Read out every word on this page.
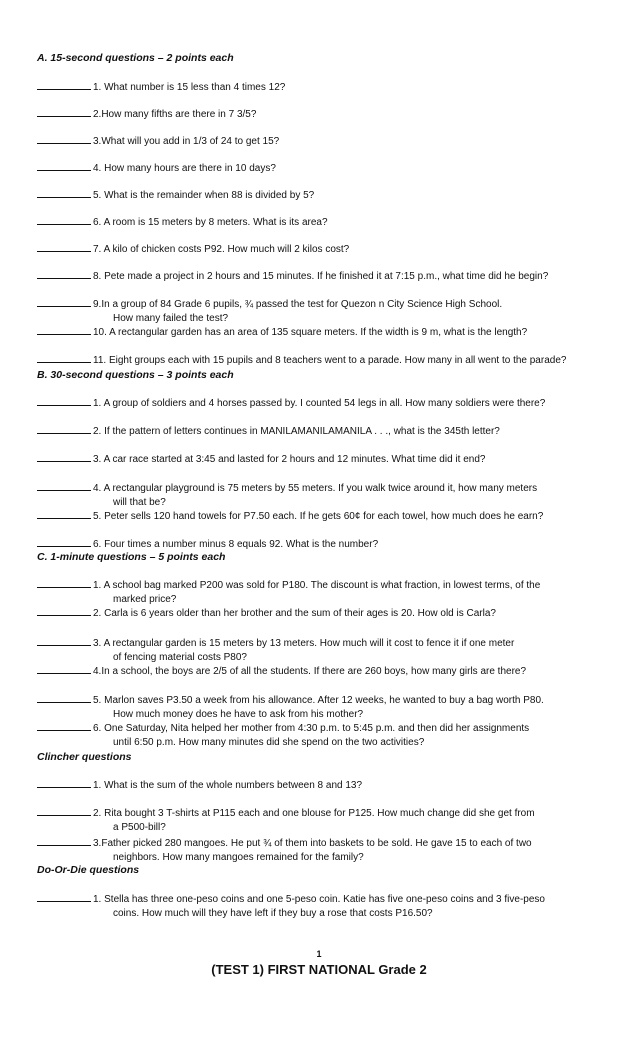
A. 15-second questions – 2 points each
1. What number is 15 less than 4 times 12?
2.How many fifths are there in 7 3/5?
3.What will you add in 1/3 of 24 to get 15?
4. How many hours are there in 10 days?
5. What is the remainder when 88 is divided by 5?
6. A room is 15 meters by 8 meters. What is its area?
7. A kilo of chicken costs P92. How much will 2 kilos cost?
8. Pete made a project in 2 hours and 15 minutes. If he finished it at 7:15 p.m., what time did he begin?
9.In a group of 84 Grade 6 pupils, ¾ passed the test for Quezon n City Science High School.
How many failed the test?
10. A rectangular garden has an area of 135 square meters. If the width is 9 m, what is the length?
11. Eight groups each with 15 pupils and 8 teachers went to a parade. How many in all went to the parade?
B. 30-second questions – 3 points each
1. A group of soldiers and 4 horses passed by. I counted 54 legs in all. How many soldiers were there?
2. If the pattern of letters continues in MANILAMANILAMANILA . . ., what is the 345th letter?
3. A car race started at 3:45 and lasted for 2 hours and 12 minutes. What time did it end?
4. A rectangular playground is 75 meters by 55 meters. If you walk twice around it, how many meters
will that be?
5. Peter sells 120 hand towels for P7.50 each. If he gets 60¢ for each towel, how much does he earn?
6. Four times a number minus 8 equals 92. What is the number?
C. 1-minute questions – 5 points each
1. A school bag marked P200 was sold for P180. The discount is what fraction, in lowest terms, of the
marked price?
2. Carla is 6 years older than her brother and the sum of their ages is 20. How old is Carla?
3. A rectangular garden is 15 meters by 13 meters. How much will it cost to fence it if one meter
of fencing material costs P80?
4.In a school, the boys are 2/5 of all the students. If there are 260 boys, how many girls are there?
5. Marlon saves P3.50 a week from his allowance. After 12 weeks, he wanted to buy a bag worth P80.
How much money does he have to ask from his mother?
6. One Saturday, Nita helped her mother from 4:30 p.m. to 5:45 p.m. and then did her assignments
until 6:50 p.m. How many minutes did she spend on the two activities?
Clincher questions
1. What is the sum of the whole numbers between 8 and 13?
2. Rita bought 3 T-shirts at P115 each and one blouse for P125. How much change did she get from
a P500-bill?
3.Father picked 280 mangoes. He put ¾ of them into baskets to be sold. He gave 15 to each of two
neighbors. How many mangoes remained for the family?
Do-Or-Die questions
1. Stella has three one-peso coins and one 5-peso coin. Katie has five one-peso coins and 3 five-peso
coins. How much will they have left if they buy a rose that costs P16.50?
1
(TEST 1) FIRST NATIONAL Grade 2
